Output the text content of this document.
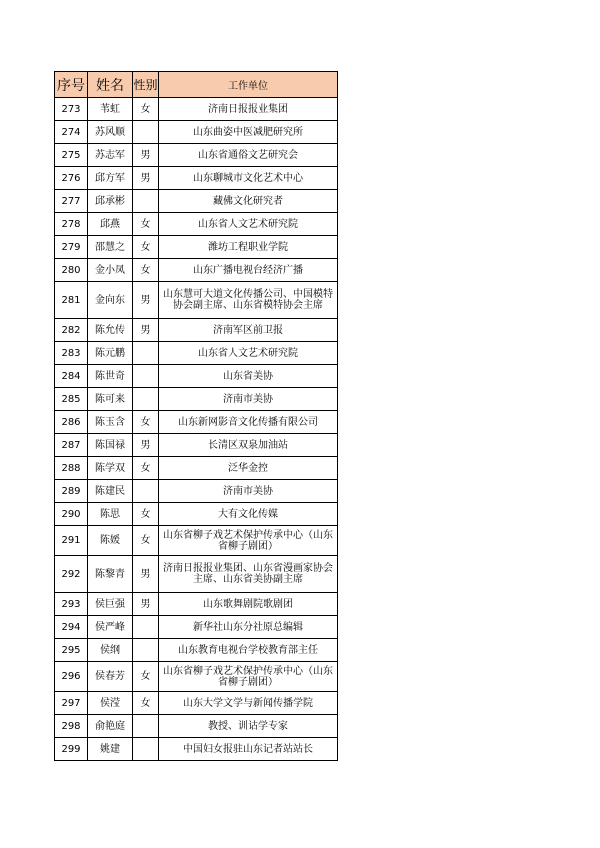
序号	姓名	性别	工作单位
273	苇虹	女	济南日报报业集团
274	苏风顺		山东曲姿中医减肥研究所
275	苏志军	男	山东省通俗文艺研究会
276	邱方军	男	山东聊城市文化艺术中心
277	邱承彬		藏佛文化研究者
278	邱燕	女	山东省人文艺术研究院
279	邵慧之	女	潍坊工程职业学院
280	金小凤	女	山东广播电视台经济广播
281	金向东	男	山东慧可大道文化传播公司、中国模特协会副主席、山东省模特协会主席
282	陈允传	男	济南军区前卫报
283	陈元鹏		山东省人文艺术研究院
284	陈世奇		山东省美协
285	陈可来		济南市美协
286	陈玉含	女	山东新网影音文化传播有限公司
287	陈国禄	男	长清区双泉加油站
288	陈学双	女	泛华金控
289	陈建民		济南市美协
290	陈思	女	大有文化传媒
291	陈媛	女	山东省柳子戏艺术保护传承中心（山东省柳子剧团）
292	陈黎青	男	济南日报报业集团、山东省漫画家协会主席、山东省美协副主席
293	侯巨强	男	山东歌舞剧院歌剧团
294	侯严峰		新华社山东分社原总编辑
295	侯纲		山东教育电视台学校教育部主任
296	侯春芳	女	山东省柳子戏艺术保护传承中心（山东省柳子剧团）
297	侯滢	女	山东大学文学与新闻传播学院
298	俞艳庭		教授、训诂学专家
299	姚建		中国妇女报驻山东记者站站长
